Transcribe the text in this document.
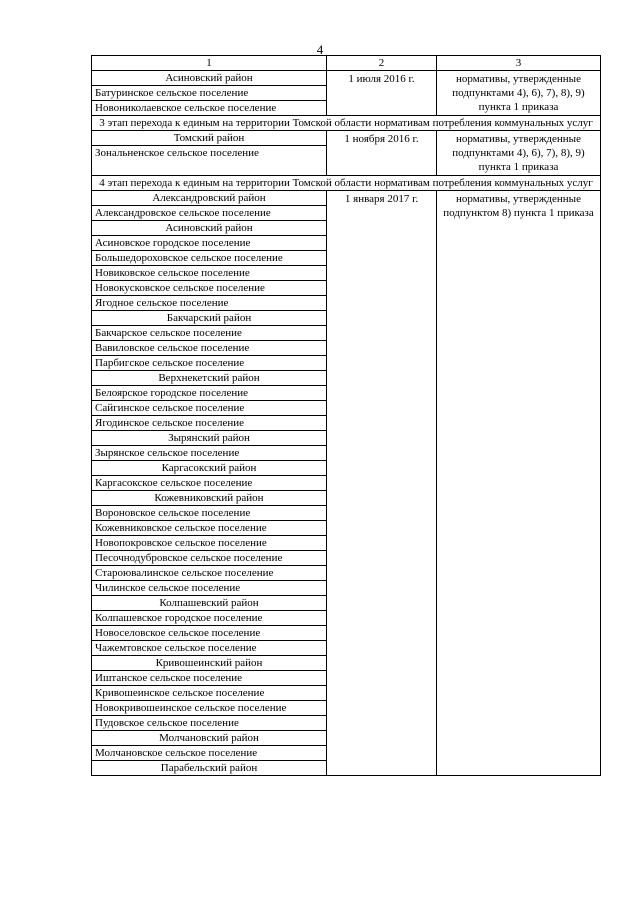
4
1	2	3
Асиновский район	1 июля 2016 г.	нормативы, утвержденные подпунктами 4), 6), 7), 8), 9) пункта 1 приказа
Батуринское сельское поселение		
Новониколаевское сельское поселение		
3 этап перехода к единым на территории Томской области нормативам потребления коммунальных услуг		
Томский район	1 ноября 2016 г.	нормативы, утвержденные подпунктами 4), 6), 7), 8), 9) пункта 1 приказа
Зональненское сельское поселение		
4 этап перехода к единым на территории Томской области нормативам потребления коммунальных услуг		
Александровский район	1 января 2017 г.	нормативы, утвержденные подпунктом 8) пункта 1 приказа
Александровское сельское поселение		
Асиновский район		
Асиновское городское поселение		
Большедороховское сельское поселение		
Новиковское сельское поселение		
Новокусковское сельское поселение		
Ягодное сельское поселение		
Бакчарский район		
Бакчарское сельское поселение		
Вавиловское сельское поселение		
Парбигское сельское поселение		
Верхнекетский район		
Белоярское городское поселение		
Сайгинское сельское поселение		
Ягодинское сельское поселение		
Зырянский район		
Зырянское сельское поселение		
Каргасокский район		
Каргасокское сельское поселение		
Кожевниковский район		
Вороновское сельское поселение		
Кожевниковское сельское поселение		
Новопокровское сельское поселение		
Песочнодубровское сельское поселение		
Староювалинское сельское поселение		
Чилинское сельское поселение		
Колпашевский район		
Колпашевское городское поселение		
Новоселовское сельское поселение		
Чажемтовское сельское поселение		
Кривошеинский район		
Иштанское сельское поселение		
Кривошеинское сельское поселение		
Новокривошеинское сельское поселение		
Пудовское сельское поселение		
Молчановский район		
Молчановское сельское поселение		
Парабельский район		
